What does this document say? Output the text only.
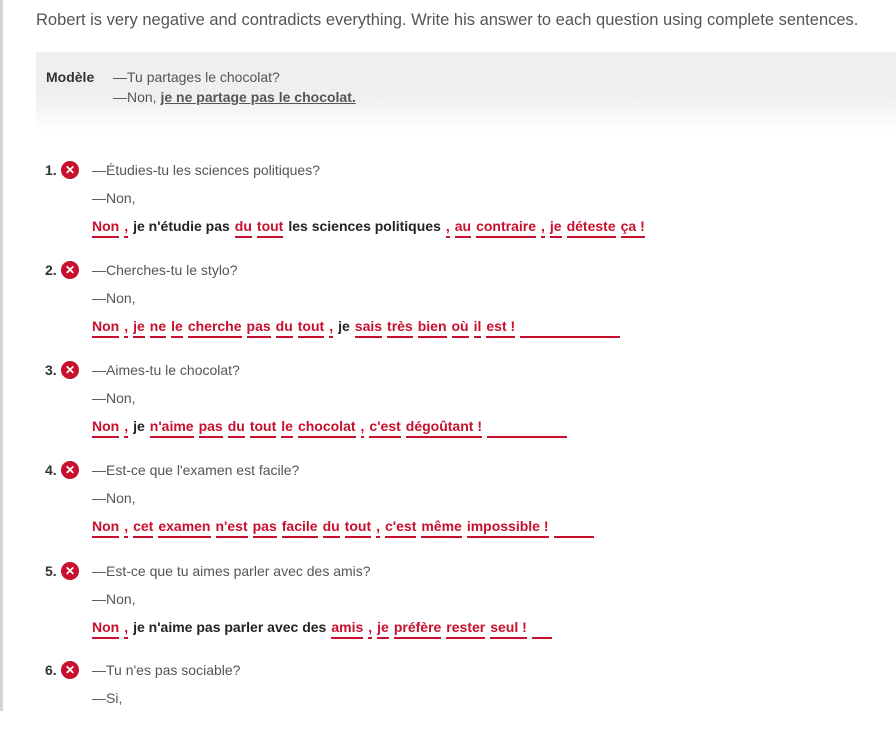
Robert is very negative and contradicts everything. Write his answer to each question using complete sentences.
Modèle —Tu partages le chocolat?
—Non, je ne partage pas le chocolat.
1. ✕ —Étudies-tu les sciences politiques?
—Non,
Non , je n'étudie pas du tout les sciences politiques , au contraire , je déteste ça !
2. ✕ —Cherches-tu le stylo?
—Non,
Non , je ne le cherche pas du tout , je sais très bien où il est !
3. ✕ —Aimes-tu le chocolat?
—Non,
Non , je n'aime pas du tout le chocolat , c'est dégoûtant !
4. ✕ —Est-ce que l'examen est facile?
—Non,
Non , cet examen n'est pas facile du tout , c'est même impossible !
5. ✕ —Est-ce que tu aimes parler avec des amis?
—Non,
Non , je n'aime pas parler avec des amis , je préfère rester seul !
6. ✕ —Tu n'es pas sociable?
—Si,
